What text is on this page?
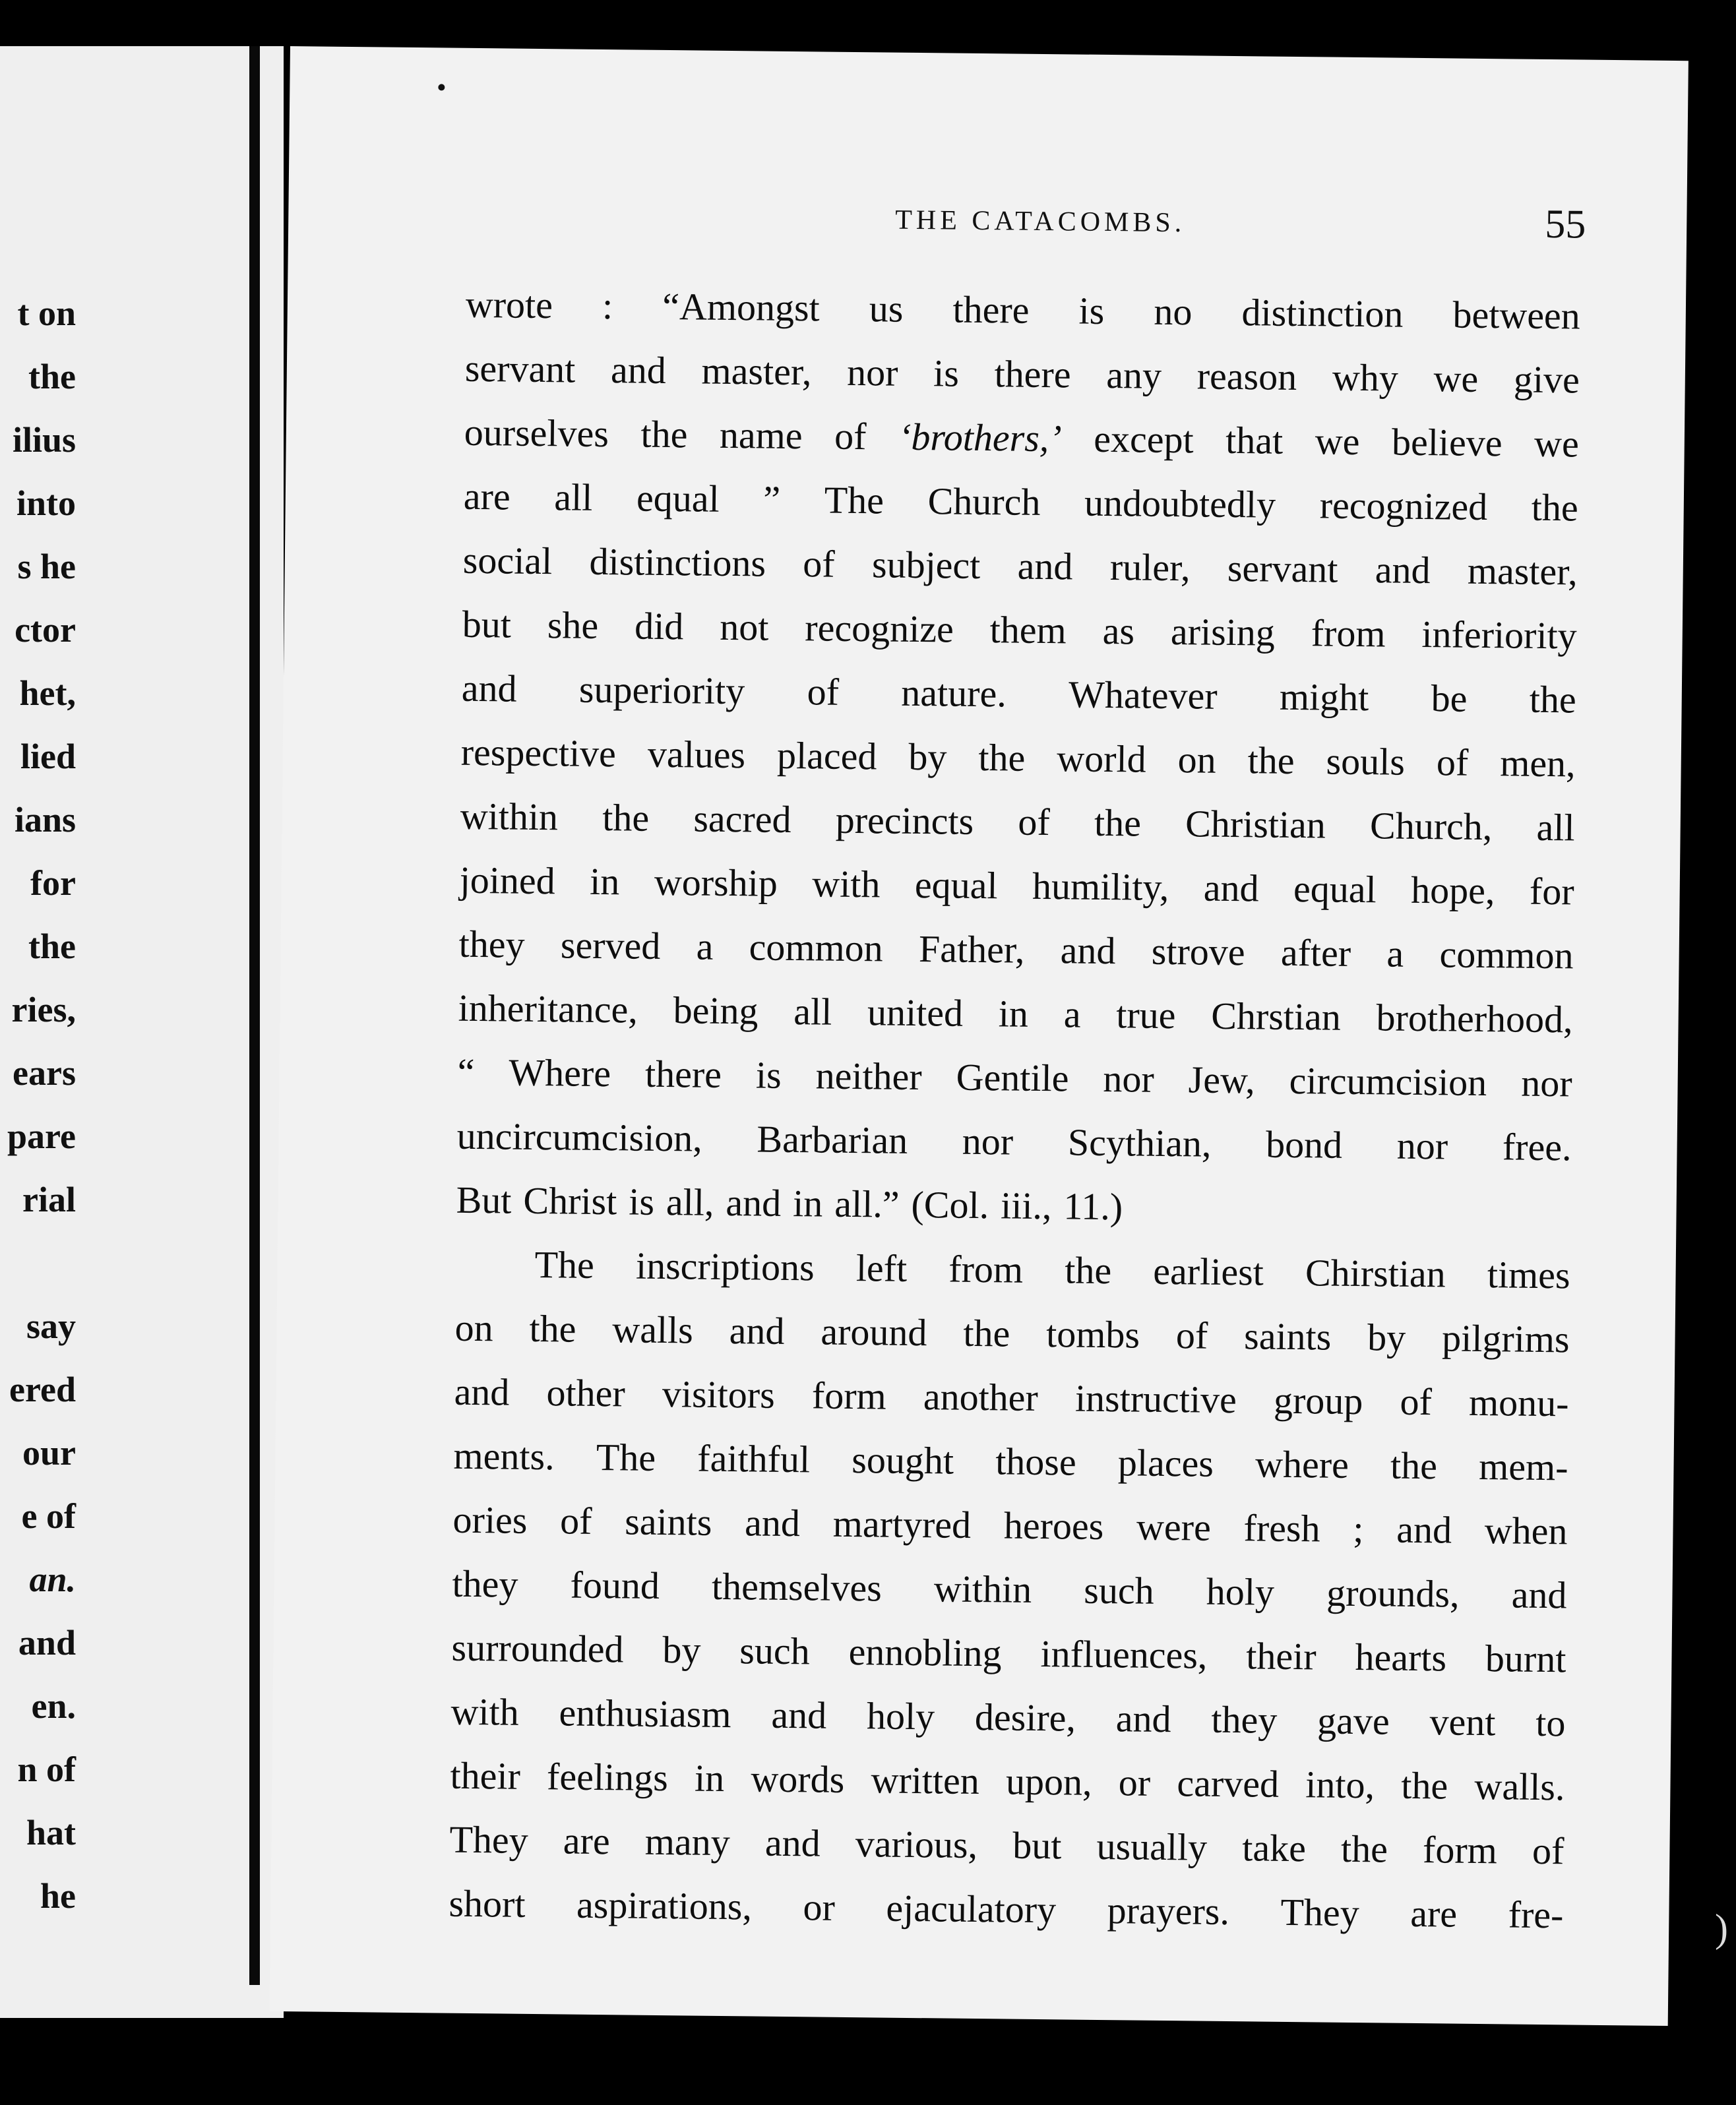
t on
the
ilius
into
s he
ctor
het,
lied
ians
for
the
ries,
ears
pare
rial
say
ered
our
e of
an.
and
en.
n of
hat
he
THE CATACOMBS.	55
wrote : “Amongst us there is no distinction between
servant and master, nor is there any reason why we give
ourselves the name of ‘brothers,’ except that we believe we
are all equal ” The Church undoubtedly recognized the
social distinctions of subject and ruler, servant and master,
but she did not recognize them as arising from inferiority
and superiority of nature. Whatever might be the
respective values placed by the world on the souls of men,
within the sacred precincts of the Christian Church, all
joined in worship with equal humility, and equal hope, for
they served a common Father, and strove after a common
inheritance, being all united in a true Chrstian brotherhood,
“ Where there is neither Gentile nor Jew, circumcision nor
uncircumcision, Barbarian nor Scythian, bond nor free.
But Christ is all, and in all.” (Col. iii., 11.)
The inscriptions left from the earliest Chirstian times
on the walls and around the tombs of saints by pilgrims
and other visitors form another instructive group of monu-
ments. The faithful sought those places where the mem-
ories of saints and martyred heroes were fresh ; and when
they found themselves within such holy grounds, and
surrounded by such ennobling influences, their hearts burnt
with enthusiasm and holy desire, and they gave vent to
their feelings in words written upon, or carved into, the walls.
They are many and various, but usually take the form of
short aspirations, or ejaculatory prayers. They are fre-	)
